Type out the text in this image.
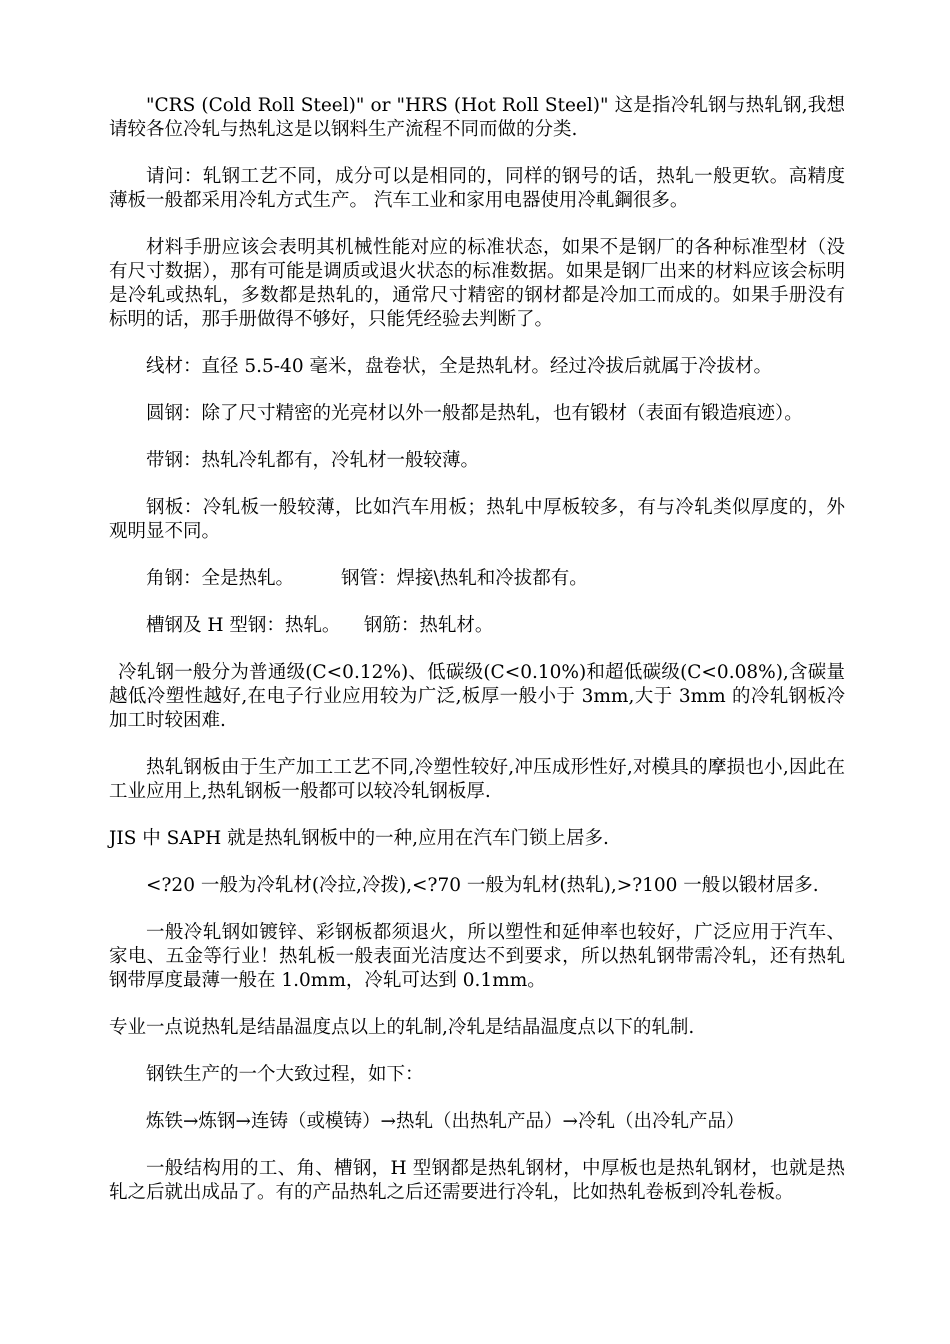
"CRS (Cold Roll Steel)" or "HRS (Hot Roll Steel)" 这是指冷轧钢与热轧钢,我想请较各位冷轧与热轧这是以钢料生产流程不同而做的分类.

请问：轧钢工艺不同，成分可以是相同的，同样的钢号的话，热轧一般更软。高精度薄板一般都采用冷轧方式生产。 汽车工业和家用电器使用冷軋鋼很多。

材料手册应该会表明其机械性能对应的标准状态，如果不是钢厂的各种标准型材（没有尺寸数据），那有可能是调质或退火状态的标准数据。如果是钢厂出来的材料应该会标明是冷轧或热轧，多数都是热轧的，通常尺寸精密的钢材都是冷加工而成的。如果手册没有标明的话，那手册做得不够好，只能凭经验去判断了。

线材：直径 5.5-40 毫米，盘卷状，全是热轧材。经过冷拔后就属于冷拔材。

圆钢：除了尺寸精密的光亮材以外一般都是热轧，也有锻材（表面有锻造痕迹）。

带钢：热轧冷轧都有，冷轧材一般较薄。

钢板：冷轧板一般较薄，比如汽车用板；热轧中厚板较多，有与冷轧类似厚度的，外观明显不同。

角钢：全是热轧。        钢管：焊接\热轧和冷拔都有。

槽钢及 H 型钢：热轧。    钢筋：热轧材。

冷轧钢一般分为普通级(C<0.12%)、低碳级(C<0.10%)和超低碳级(C<0.08%),含碳量越低冷塑性越好,在电子行业应用较为广泛,板厚一般小于 3mm,大于 3mm 的冷轧钢板冷加工时较困难.

热轧钢板由于生产加工工艺不同,冷塑性较好,冲压成形性好,对模具的摩损也小,因此在工业应用上,热轧钢板一般都可以较冷轧钢板厚.

JIS 中 SAPH 就是热轧钢板中的一种,应用在汽车门锁上居多.

<?20 一般为冷轧材(冷拉,冷拨),<?70 一般为轧材(热轧),>?100 一般以锻材居多.

一般冷轧钢如镀锌、彩钢板都须退火，所以塑性和延伸率也较好，广泛应用于汽车、家电、五金等行业！热轧板一般表面光洁度达不到要求，所以热轧钢带需冷轧，还有热轧钢带厚度最薄一般在 1.0mm，冷轧可达到 0.1mm。

专业一点说热轧是结晶温度点以上的轧制,冷轧是结晶温度点以下的轧制.

钢铁生产的一个大致过程，如下：

炼铁→炼钢→连铸（或模铸）→热轧（出热轧产品）→冷轧（出冷轧产品）

一般结构用的工、角、槽钢，H 型钢都是热轧钢材，中厚板也是热轧钢材，也就是热轧之后就出成品了。有的产品热轧之后还需要进行冷轧，比如热轧卷板到冷轧卷板。
